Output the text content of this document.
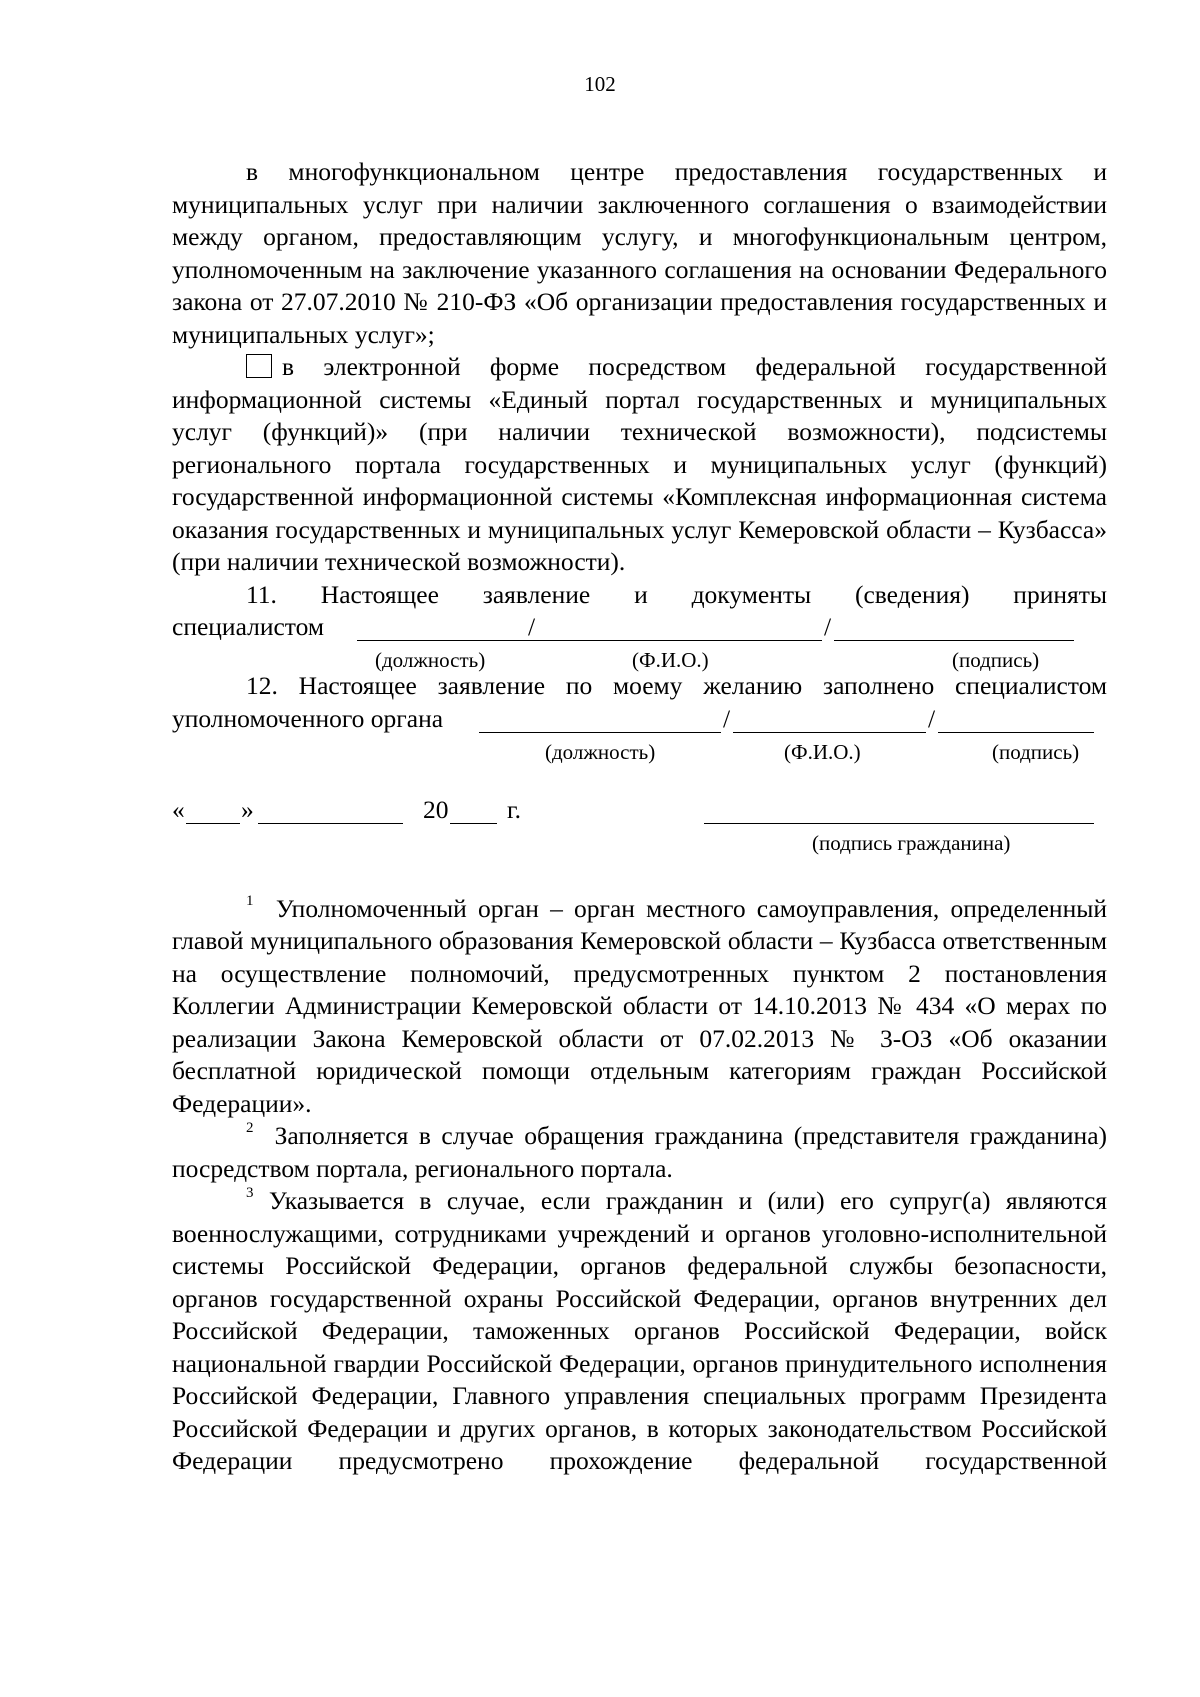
102

в многофункциональном центре предоставления государственных и муниципальных услуг при наличии заключенного соглашения о взаимодействии между органом, предоставляющим услугу, и многофункциональным центром, уполномоченным на заключение указанного соглашения на основании Федерального закона от 27.07.2010 № 210-ФЗ «Об организации предоставления государственных и муниципальных услуг»;

в электронной форме посредством федеральной государственной информационной системы «Единый портал государственных и муниципальных услуг (функций)» (при наличии технической возможности), подсистемы регионального портала государственных и муниципальных услуг (функций) государственной информационной системы «Комплексная информационная система оказания государственных и муниципальных услуг Кемеровской области – Кузбасса» (при наличии технической возможности).

11. Настоящее заявление и документы (сведения) приняты

специалистом	/	/
(должность)	(Ф.И.О.)	(подпись)

12. Настоящее заявление по моему желанию заполнено специалистом

уполномоченного органа	/	/
(должность)	(Ф.И.О.)	(подпись)
« »	20 г.
(подпись гражданина)

$^1$ Уполномоченный орган – орган местного самоуправления, определенный главой муниципального образования Кемеровской области – Кузбасса ответственным на осуществление полномочий, предусмотренных пунктом 2 постановления Коллегии Администрации Кемеровской области от 14.10.2013 № 434 «О мерах по реализации Закона Кемеровской области от 07.02.2013 № 3-ОЗ «Об оказании бесплатной юридической помощи отдельным категориям граждан Российской Федерации».

$^2$ Заполняется в случае обращения гражданина (представителя гражданина) посредством портала, регионального портала.

$^3$ Указывается в случае, если гражданин и (или) его супруг(а) являются военнослужащими, сотрудниками учреждений и органов уголовно-исполнительной системы Российской Федерации, органов федеральной службы безопасности, органов государственной охраны Российской Федерации, органов внутренних дел Российской Федерации, таможенных органов Российской Федерации, войск национальной гвардии Российской Федерации, органов принудительного исполнения Российской Федерации, Главного управления специальных программ Президента Российской Федерации и других органов, в которых законодательством Российской Федерации предусмотрено прохождение федеральной государственной
